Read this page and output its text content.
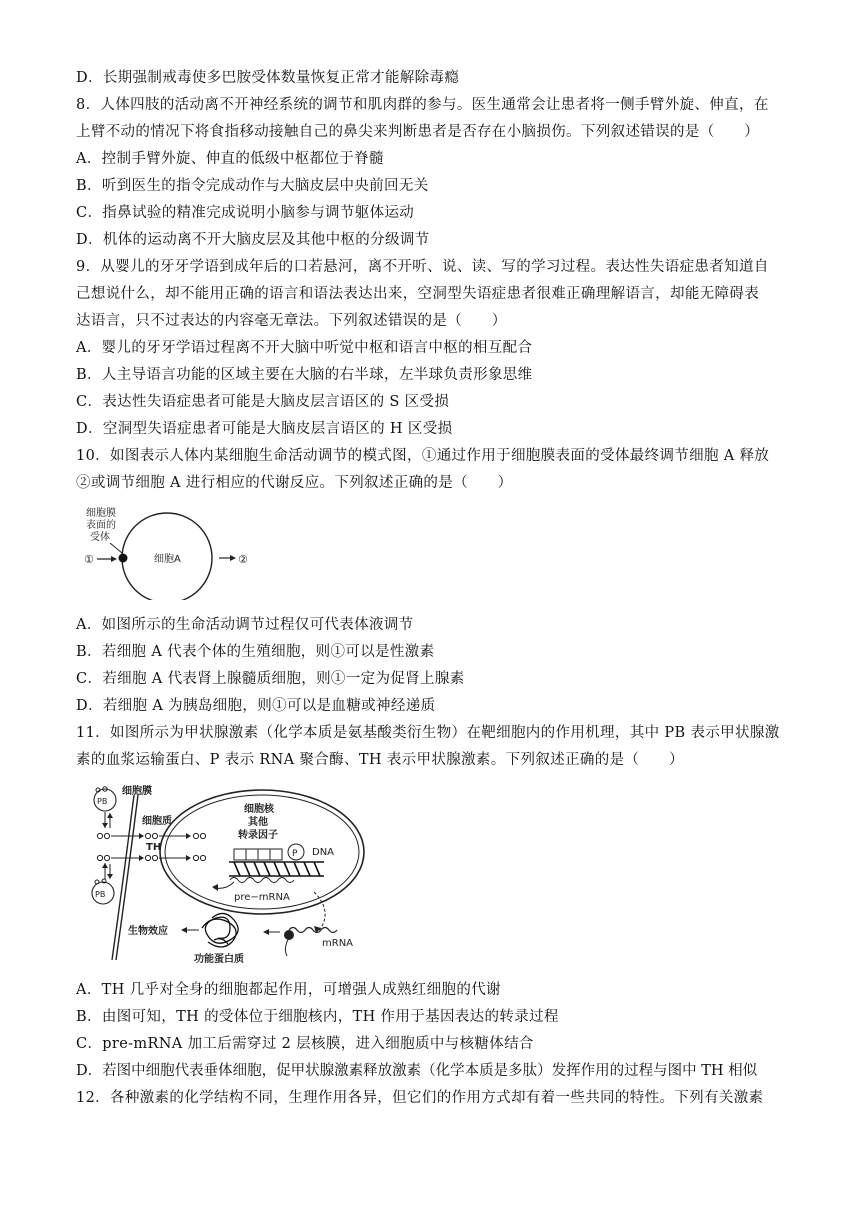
D．长期强制戒毒使多巴胺受体数量恢复正常才能解除毒瘾
8．人体四肢的活动离不开神经系统的调节和肌肉群的参与。医生通常会让患者将一侧手臂外旋、伸直，在
上臂不动的情况下将食指移动接触自己的鼻尖来判断患者是否存在小脑损伤。下列叙述错误的是（　　）
A．控制手臂外旋、伸直的低级中枢都位于脊髓
B．听到医生的指令完成动作与大脑皮层中央前回无关
C．指鼻试验的精准完成说明小脑参与调节躯体运动
D．机体的运动离不开大脑皮层及其他中枢的分级调节
9．从婴儿的牙牙学语到成年后的口若悬河，离不开听、说、读、写的学习过程。表达性失语症患者知道自
己想说什么，却不能用正确的语言和语法表达出来，空洞型失语症患者很难正确理解语言，却能无障碍表
达语言，只不过表达的内容毫无章法。下列叙述错误的是（　　）
A．婴儿的牙牙学语过程离不开大脑中听觉中枢和语言中枢的相互配合
B．人主导语言功能的区域主要在大脑的右半球，左半球负责形象思维
C．表达性失语症患者可能是大脑皮层言语区的 S 区受损
D．空洞型失语症患者可能是大脑皮层言语区的 H 区受损
10．如图表示人体内某细胞生命活动调节的模式图，①通过作用于细胞膜表面的受体最终调节细胞 A 释放
②或调节细胞 A 进行相应的代谢反应。下列叙述正确的是（　　）
细胞膜
表面的
受体
①	细胞A	②
A．如图所示的生命活动调节过程仅可代表体液调节
B．若细胞 A 代表个体的生殖细胞，则①可以是性激素
C．若细胞 A 代表肾上腺髓质细胞，则①一定为促肾上腺素
D．若细胞 A 为胰岛细胞，则①可以是血糖或神经递质
11．如图所示为甲状腺激素（化学本质是氨基酸类衍生物）在靶细胞内的作用机理，其中 PB 表示甲状腺激
素的血浆运输蛋白、P 表示 RNA 聚合酶、TH 表示甲状腺激素。下列叙述正确的是（　　）
PB
细胞膜
细胞质
TH
PB
细胞核
其他
转录因子
P DNA
pre−mRNA
mRNA
功能蛋白质
生物效应
A．TH 几乎对全身的细胞都起作用，可增强人成熟红细胞的代谢
B．由图可知，TH 的受体位于细胞核内，TH 作用于基因表达的转录过程
C．pre-mRNA 加工后需穿过 2 层核膜，进入细胞质中与核糖体结合
D．若图中细胞代表垂体细胞，促甲状腺激素释放激素（化学本质是多肽）发挥作用的过程与图中 TH 相似
12．各种激素的化学结构不同，生理作用各异，但它们的作用方式却有着一些共同的特性。下列有关激素
